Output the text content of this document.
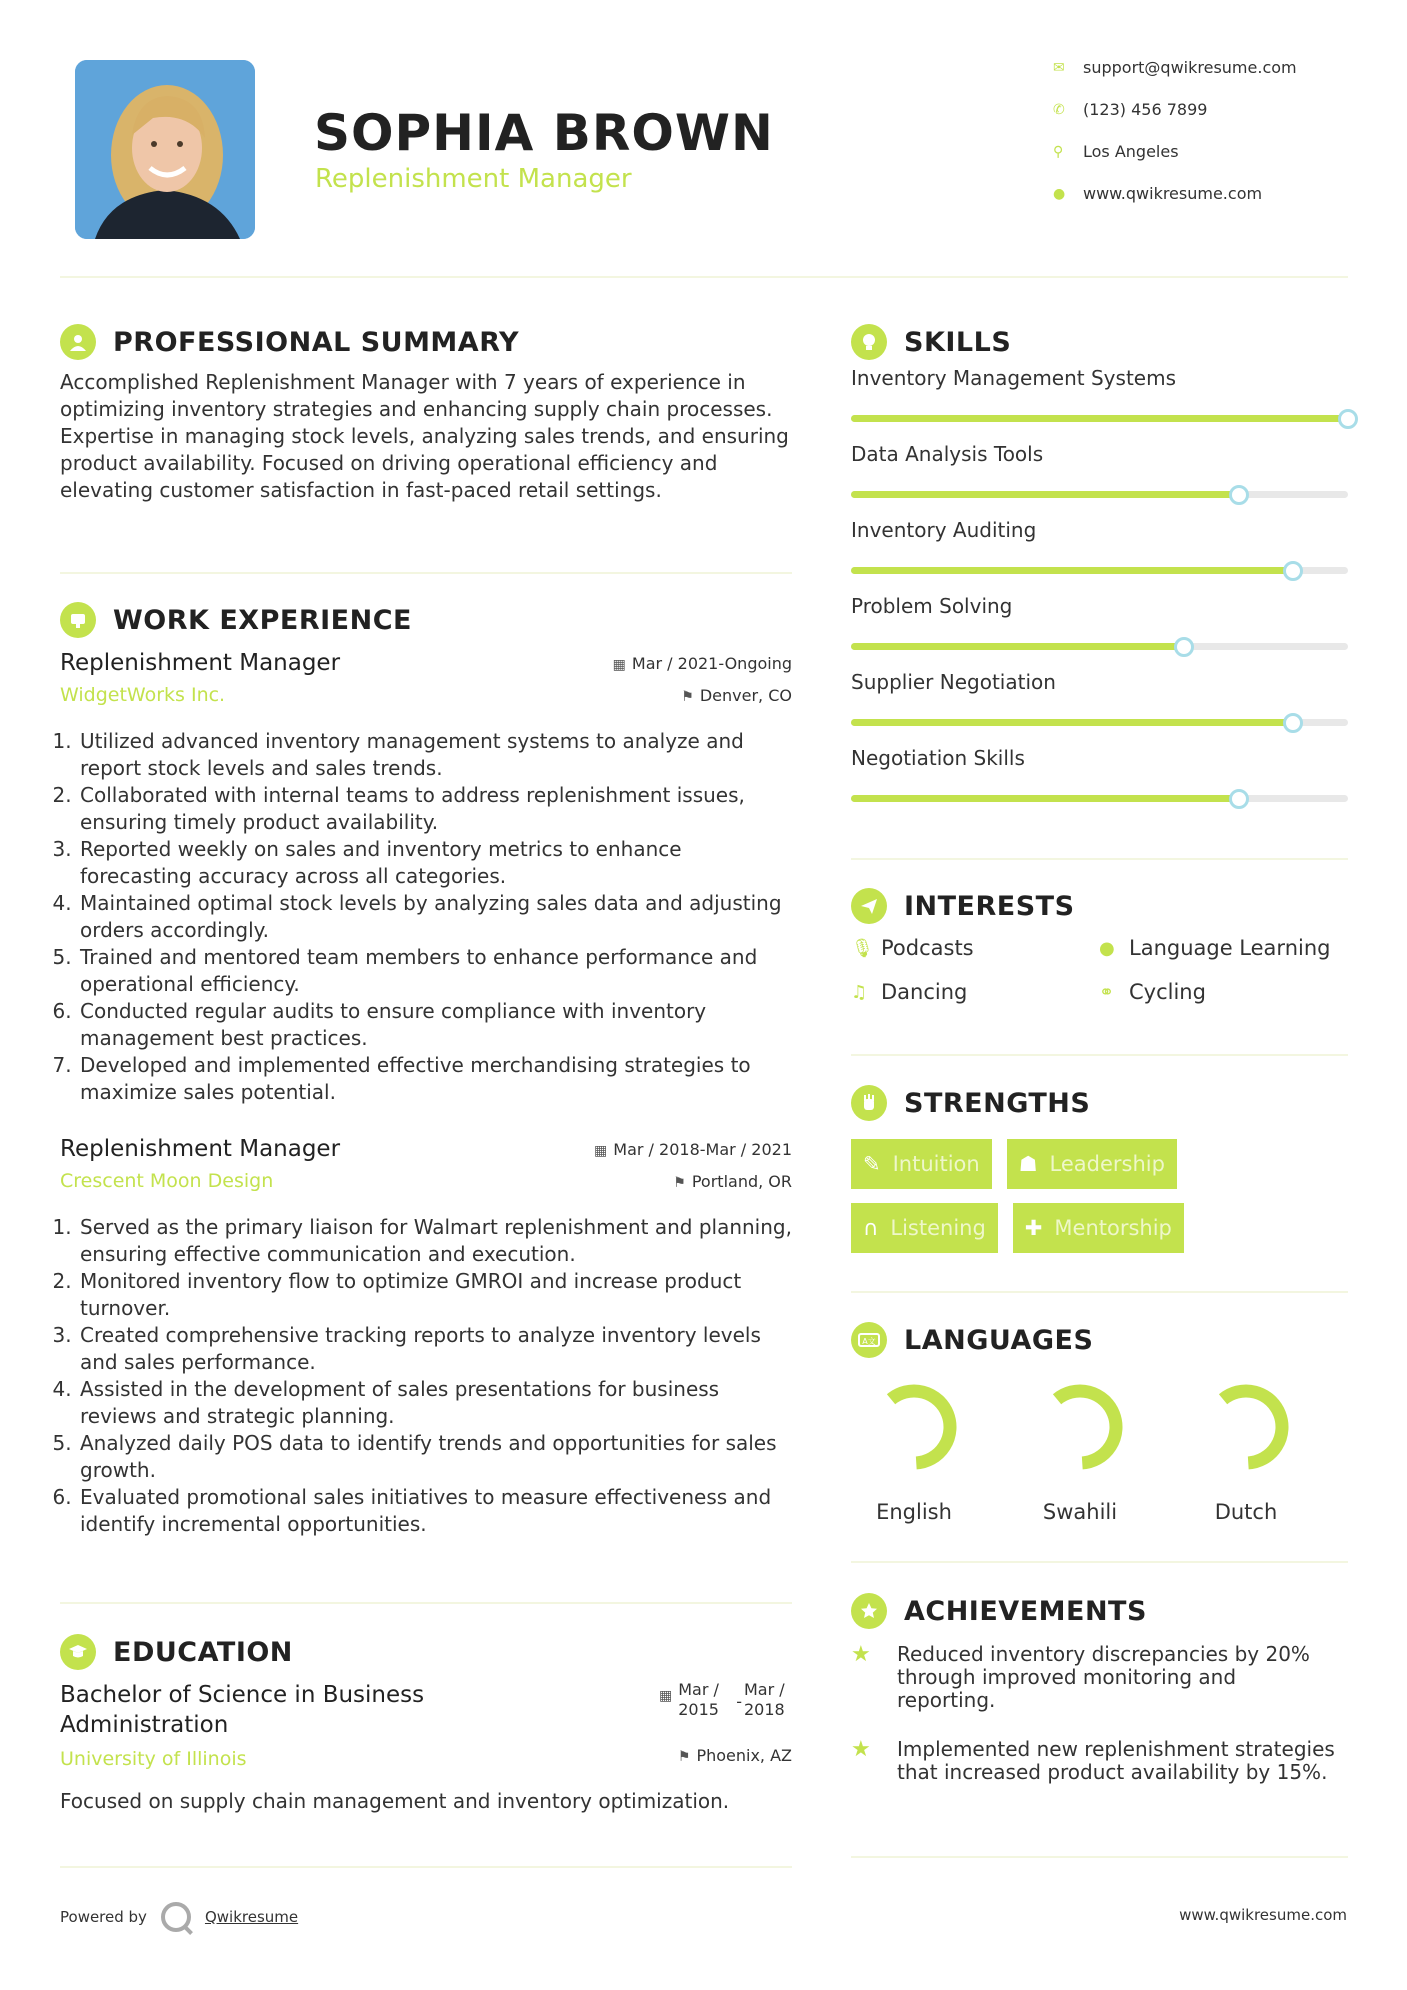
SOPHIA BROWN
Replenishment Manager
✉	support@qwikresume.com
✆	(123) 456 7899
⚲	Los Angeles
●	www.qwikresume.com
PROFESSIONAL SUMMARY
Accomplished Replenishment Manager with 7 years of experience in optimizing inventory strategies and enhancing supply chain processes. Expertise in managing stock levels, analyzing sales trends, and ensuring product availability. Focused on driving operational efficiency and elevating customer satisfaction in fast-paced retail settings.
WORK EXPERIENCE
Replenishment Manager
WidgetWorks Inc.
▦ Mar / 2021-Ongoing
⚑ Denver, CO
1. Utilized advanced inventory management systems to analyze and report stock levels and sales trends.
2. Collaborated with internal teams to address replenishment issues, ensuring timely product availability.
3. Reported weekly on sales and inventory metrics to enhance forecasting accuracy across all categories.
4. Maintained optimal stock levels by analyzing sales data and adjusting orders accordingly.
5. Trained and mentored team members to enhance performance and operational efficiency.
6. Conducted regular audits to ensure compliance with inventory management best practices.
7. Developed and implemented effective merchandising strategies to maximize sales potential.
Replenishment Manager
Crescent Moon Design
▦ Mar / 2018-Mar / 2021
⚑ Portland, OR
1. Served as the primary liaison for Walmart replenishment and planning, ensuring effective communication and execution.
2. Monitored inventory flow to optimize GMROI and increase product turnover.
3. Created comprehensive tracking reports to analyze inventory levels and sales performance.
4. Assisted in the development of sales presentations for business reviews and strategic planning.
5. Analyzed daily POS data to identify trends and opportunities for sales growth.
6. Evaluated promotional sales initiatives to measure effectiveness and identify incremental opportunities.
EDUCATION
Bachelor of Science in Business Administration
University of Illinois
▦ Mar / 2015	-
Mar / 2018
⚑ Phoenix, AZ
Focused on supply chain management and inventory optimization.
SKILLS
Inventory Management Systems
Data Analysis Tools
Inventory Auditing
Problem Solving
Supplier Negotiation
Negotiation Skills
INTERESTS
🎙︎ Podcasts	● Language Learning
♫ Dancing	⚭ Cycling
STRENGTHS
✎ Intuition ☗ Leadership
∩ Listening ✚ Mentorship
A文 LANGUAGES
English	Swahili	Dutch
ACHIEVEMENTS
★	Reduced inventory discrepancies by 20% through improved monitoring and reporting.
★	Implemented new replenishment strategies that increased product availability by 15%.
Powered by	Qwikresume	www.qwikresume.com
